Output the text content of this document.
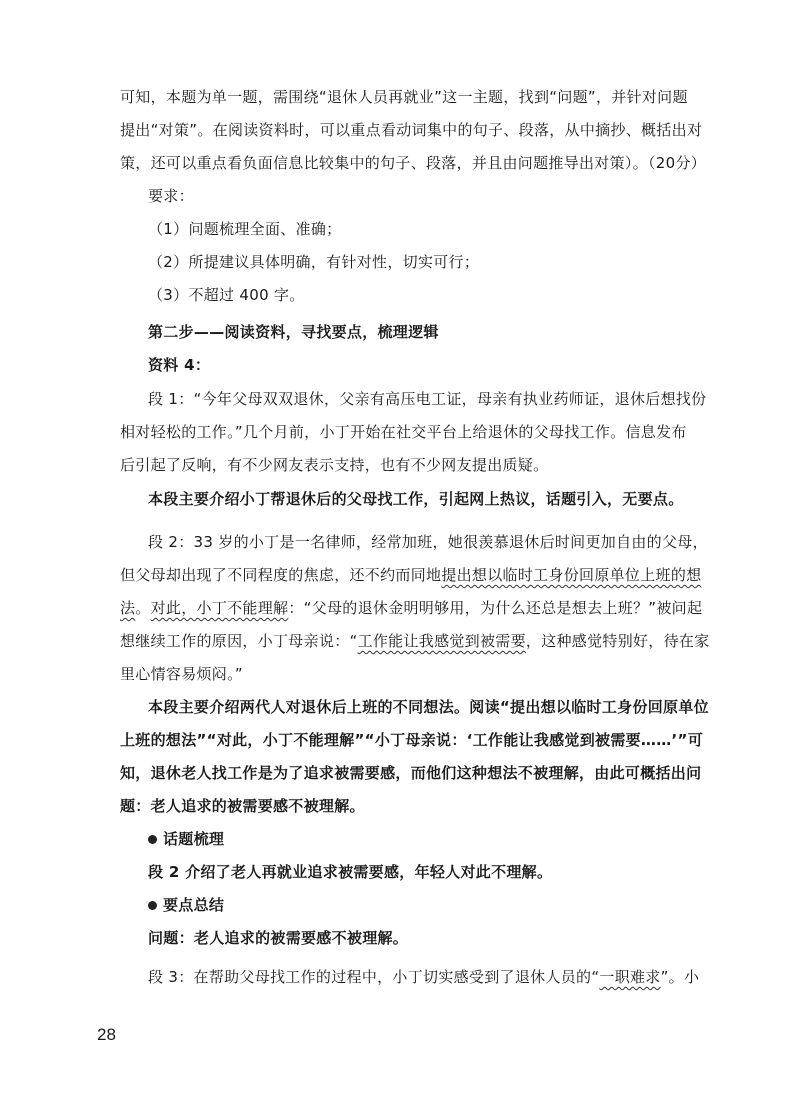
可知，本题为单一题，需围绕“退休人员再就业”这一主题，找到“问题”，并针对问题
提出“对策”。在阅读资料时，可以重点看动词集中的句子、段落，从中摘抄、概括出对
策，还可以重点看负面信息比较集中的句子、段落，并且由问题推导出对策）。（20分）
要求：
（1）问题梳理全面、准确；
（2）所提建议具体明确，有针对性，切实可行；
（3）不超过 400 字。
第二步——阅读资料，寻找要点，梳理逻辑
资料 4：
段 1：“今年父母双双退休，父亲有高压电工证，母亲有执业药师证，退休后想找份
相对轻松的工作。”几个月前，小丁开始在社交平台上给退休的父母找工作。信息发布
后引起了反响，有不少网友表示支持，也有不少网友提出质疑。
本段主要介绍小丁帮退休后的父母找工作，引起网上热议，话题引入，无要点。
段 2：33 岁的小丁是一名律师，经常加班，她很羡慕退休后时间更加自由的父母，
但父母却出现了不同程度的焦虑，还不约而同地提出想以临时工身份回原单位上班的想
法。对此，小丁不能理解：“父母的退休金明明够用，为什么还总是想去上班？”被问起
想继续工作的原因，小丁母亲说：“工作能让我感觉到被需要，这种感觉特别好，待在家
里心情容易烦闷。”
本段主要介绍两代人对退休后上班的不同想法。阅读“提出想以临时工身份回原单位
上班的想法”“对此，小丁不能理解”“小丁母亲说：‘工作能让我感觉到被需要……’”可
知，退休老人找工作是为了追求被需要感，而他们这种想法不被理解，由此可概括出问
题：老人追求的被需要感不被理解。
话题梳理
段 2 介绍了老人再就业追求被需要感，年轻人对此不理解。
要点总结
问题：老人追求的被需要感不被理解。
段 3：在帮助父母找工作的过程中，小丁切实感受到了退休人员的“一职难求”。小
28
